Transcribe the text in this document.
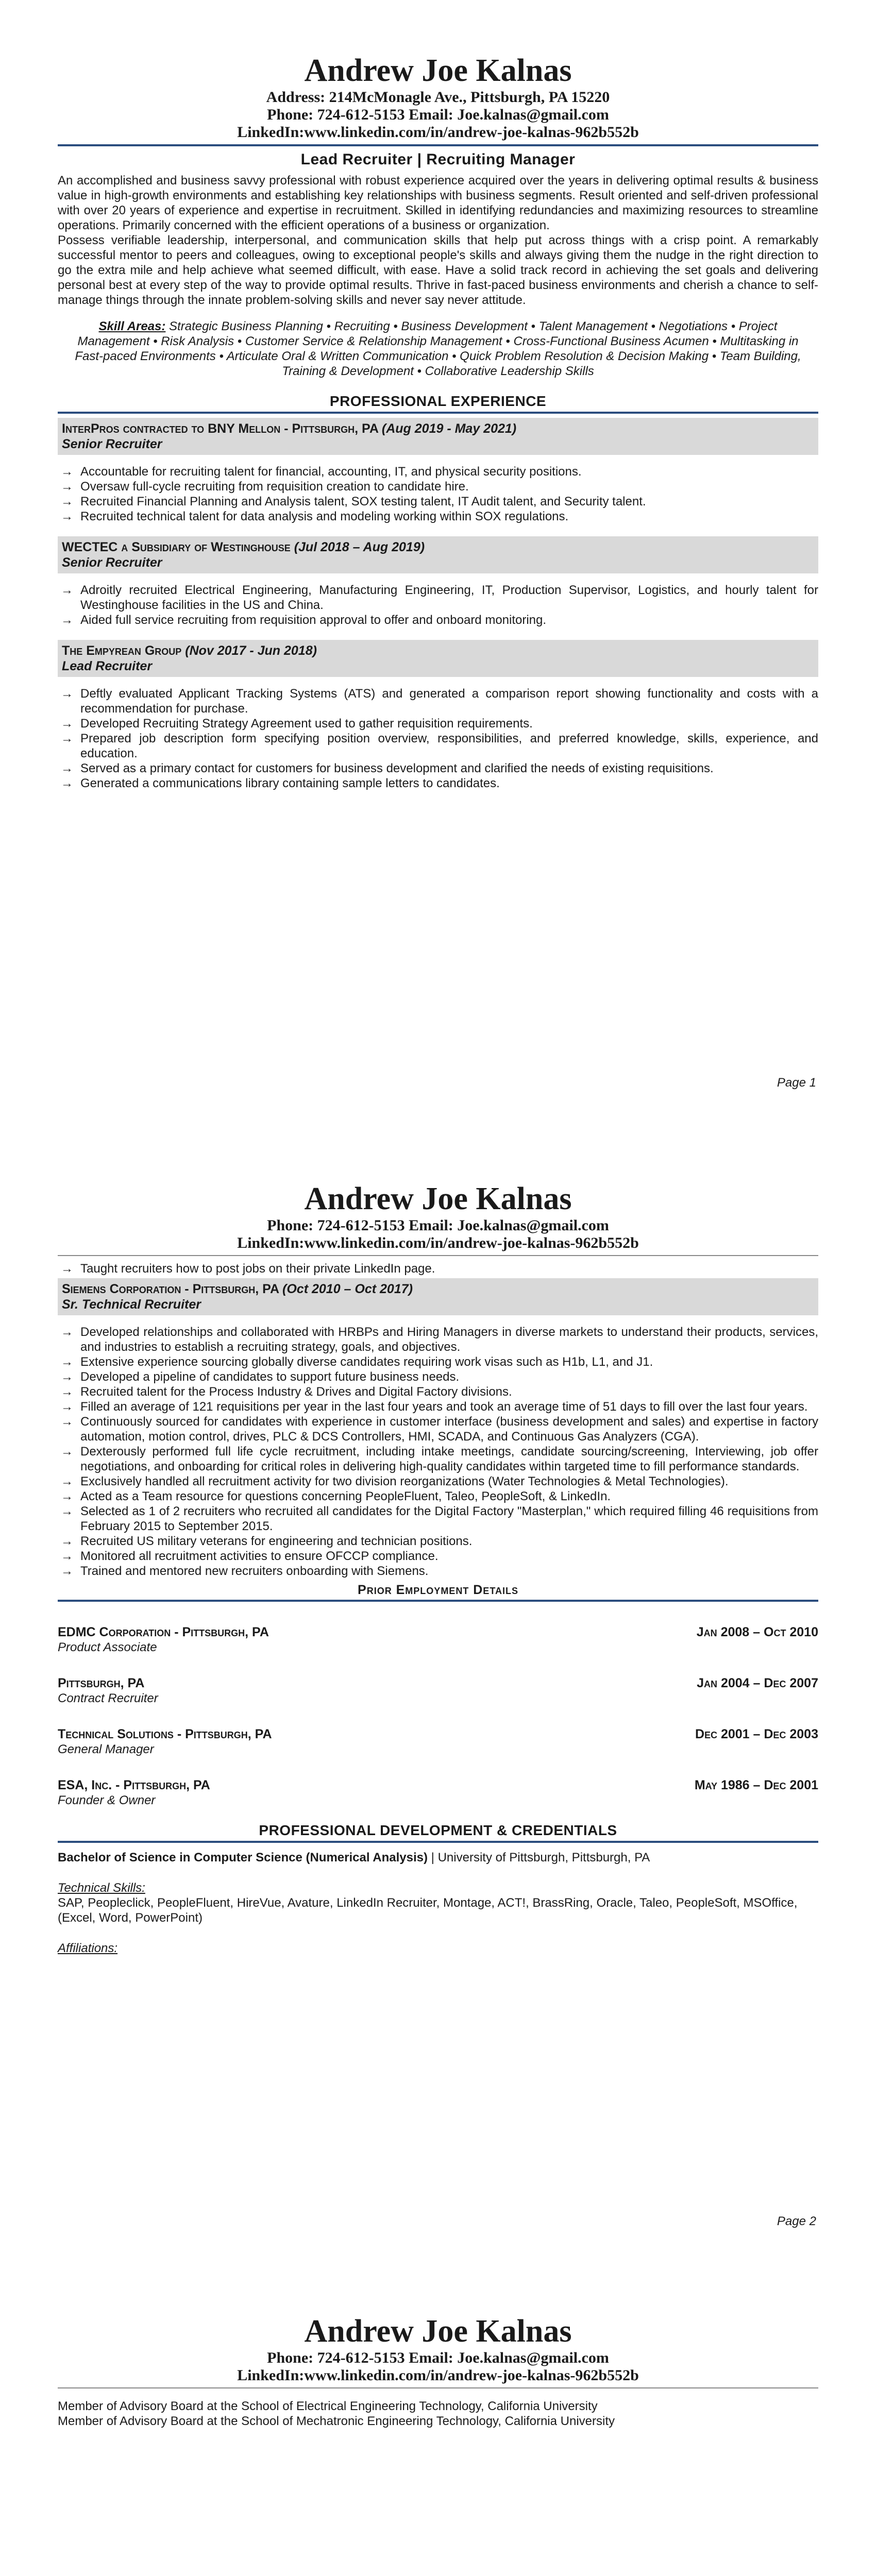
Andrew Joe Kalnas
Address: 214McMonagle Ave., Pittsburgh, PA 15220
Phone: 724-612-5153 Email: Joe.kalnas@gmail.com
LinkedIn:www.linkedin.com/in/andrew-joe-kalnas-962b552b
Lead Recruiter | Recruiting Manager
An accomplished and business savvy professional with robust experience acquired over the years in delivering optimal results & business value in high-growth environments and establishing key relationships with business segments. Result oriented and self-driven professional with over 20 years of experience and expertise in recruitment. Skilled in identifying redundancies and maximizing resources to streamline operations. Primarily concerned with the efficient operations of a business or organization.
Possess verifiable leadership, interpersonal, and communication skills that help put across things with a crisp point. A remarkably successful mentor to peers and colleagues, owing to exceptional people's skills and always giving them the nudge in the right direction to go the extra mile and help achieve what seemed difficult, with ease. Have a solid track record in achieving the set goals and delivering personal best at every step of the way to provide optimal results. Thrive in fast-paced business environments and cherish a chance to self-manage things through the innate problem-solving skills and never say never attitude.
Skill Areas: Strategic Business Planning • Recruiting • Business Development • Talent Management • Negotiations • Project Management • Risk Analysis • Customer Service & Relationship Management • Cross-Functional Business Acumen • Multitasking in Fast-paced Environments • Articulate Oral & Written Communication • Quick Problem Resolution & Decision Making • Team Building, Training & Development • Collaborative Leadership Skills
PROFESSIONAL EXPERIENCE
InterPros contracted to BNY Mellon - Pittsburgh, PA (Aug 2019 - May 2021)
Senior Recruiter
→ Accountable for recruiting talent for financial, accounting, IT, and physical security positions.
→ Oversaw full-cycle recruiting from requisition creation to candidate hire.
→ Recruited Financial Planning and Analysis talent, SOX testing talent, IT Audit talent, and Security talent.
→ Recruited technical talent for data analysis and modeling working within SOX regulations.
WECTEC a Subsidiary of Westinghouse (Jul 2018 – Aug 2019)
Senior Recruiter
→ Adroitly recruited Electrical Engineering, Manufacturing Engineering, IT, Production Supervisor, Logistics, and hourly talent for Westinghouse facilities in the US and China.
→ Aided full service recruiting from requisition approval to offer and onboard monitoring.
The Empyrean Group (Nov 2017 - Jun 2018)
Lead Recruiter
→ Deftly evaluated Applicant Tracking Systems (ATS) and generated a comparison report showing functionality and costs with a recommendation for purchase.
→ Developed Recruiting Strategy Agreement used to gather requisition requirements.
→ Prepared job description form specifying position overview, responsibilities, and preferred knowledge, skills, experience, and education.
→ Served as a primary contact for customers for business development and clarified the needs of existing requisitions.
→ Generated a communications library containing sample letters to candidates.
Page 1
Andrew Joe Kalnas
Phone: 724-612-5153 Email: Joe.kalnas@gmail.com
LinkedIn:www.linkedin.com/in/andrew-joe-kalnas-962b552b
→ Taught recruiters how to post jobs on their private LinkedIn page.
Siemens Corporation - Pittsburgh, PA (Oct 2010 – Oct 2017)
Sr. Technical Recruiter
→ Developed relationships and collaborated with HRBPs and Hiring Managers in diverse markets to understand their products, services, and industries to establish a recruiting strategy, goals, and objectives.
→ Extensive experience sourcing globally diverse candidates requiring work visas such as H1b, L1, and J1.
→ Developed a pipeline of candidates to support future business needs.
→ Recruited talent for the Process Industry & Drives and Digital Factory divisions.
→ Filled an average of 121 requisitions per year in the last four years and took an average time of 51 days to fill over the last four years.
→ Continuously sourced for candidates with experience in customer interface (business development and sales) and expertise in factory automation, motion control, drives, PLC & DCS Controllers, HMI, SCADA, and Continuous Gas Analyzers (CGA).
→ Dexterously performed full life cycle recruitment, including intake meetings, candidate sourcing/screening, Interviewing, job offer negotiations, and onboarding for critical roles in delivering high-quality candidates within targeted time to fill performance standards.
→ Exclusively handled all recruitment activity for two division reorganizations (Water Technologies & Metal Technologies).
→ Acted as a Team resource for questions concerning PeopleFluent, Taleo, PeopleSoft, & LinkedIn.
→ Selected as 1 of 2 recruiters who recruited all candidates for the Digital Factory "Masterplan," which required filling 46 requisitions from February 2015 to September 2015.
→ Recruited US military veterans for engineering and technician positions.
→ Monitored all recruitment activities to ensure OFCCP compliance.
→ Trained and mentored new recruiters onboarding with Siemens.
Prior Employment Details
EDMC Corporation - Pittsburgh, PA	Jan 2008 – Oct 2010
Product Associate
Pittsburgh, PA	Jan 2004 – Dec 2007
Contract Recruiter
Technical Solutions - Pittsburgh, PA	Dec 2001 – Dec 2003
General Manager
ESA, Inc. - Pittsburgh, PA	May 1986 – Dec 2001
Founder & Owner
PROFESSIONAL DEVELOPMENT & CREDENTIALS
Bachelor of Science in Computer Science (Numerical Analysis) | University of Pittsburgh, Pittsburgh, PA
Technical Skills:
SAP, Peopleclick, PeopleFluent, HireVue, Avature, LinkedIn Recruiter, Montage, ACT!, BrassRing, Oracle, Taleo, PeopleSoft, MSOffice, (Excel, Word, PowerPoint)
Affiliations:
Page 2
Andrew Joe Kalnas
Phone: 724-612-5153 Email: Joe.kalnas@gmail.com
LinkedIn:www.linkedin.com/in/andrew-joe-kalnas-962b552b
Member of Advisory Board at the School of Electrical Engineering Technology, California University
Member of Advisory Board at the School of Mechatronic Engineering Technology, California University
